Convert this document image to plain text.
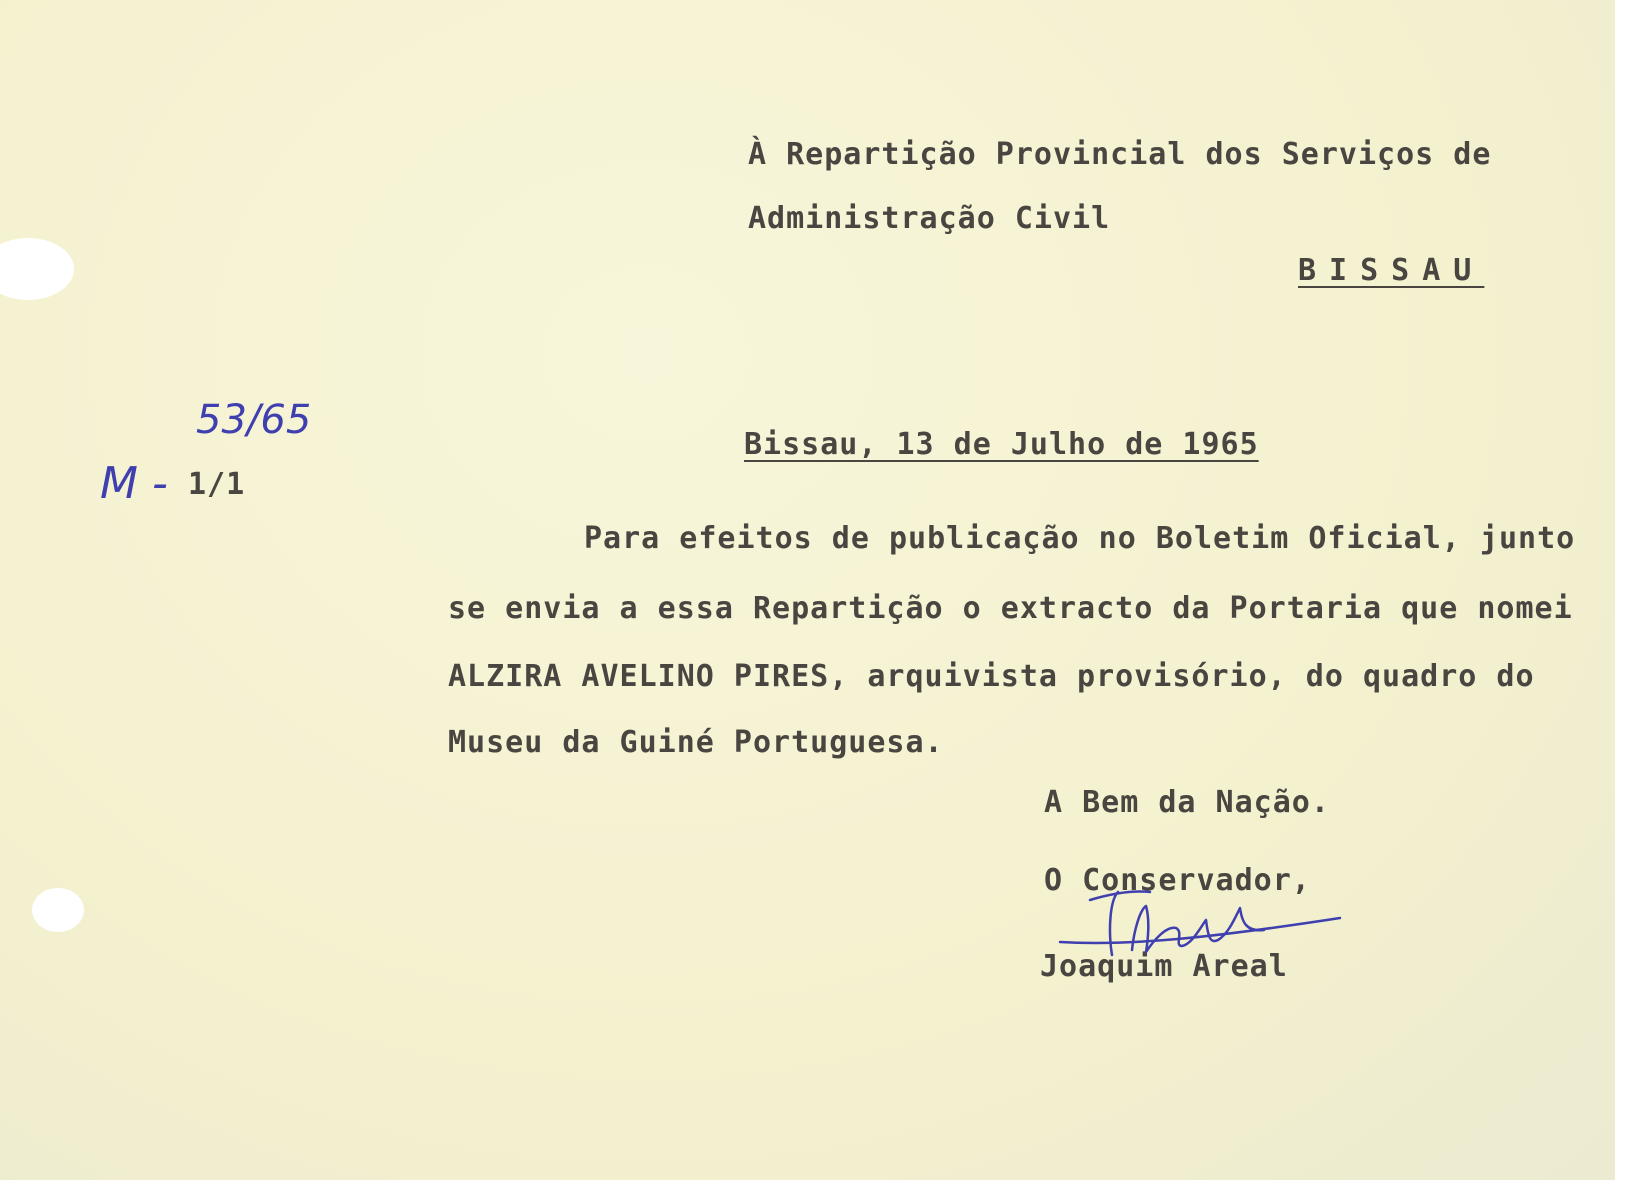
À Repartição Provincial dos Serviços de
Administração Civil
BISSAU
53/65
M - 1/1
Bissau, 13 de Julho de 1965
Para efeitos de publicação no Boletim Oficial, junto
se envia a essa Repartição o extracto da Portaria que nomei
ALZIRA AVELINO PIRES, arquivista provisório, do quadro do
Museu da Guiné Portuguesa.
A Bem da Nação.
O Conservador,
Joaquim Areal
